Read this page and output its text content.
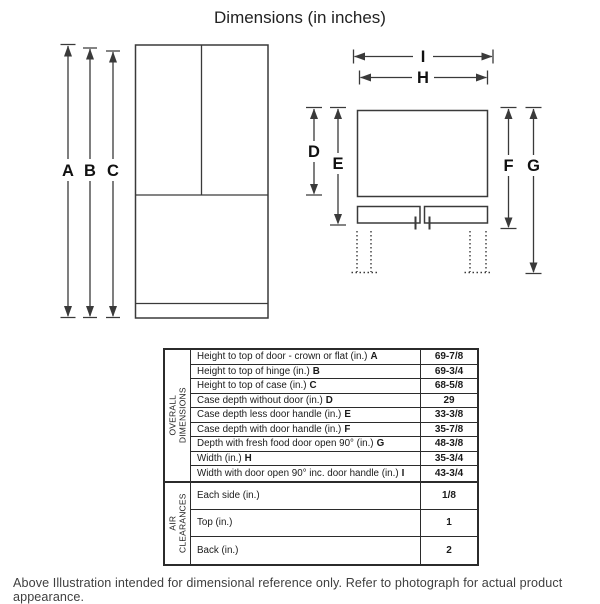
Dimensions (in inches)
A B C
D
E	F G
H
I
OVERALL DIMENSIONS
Height to top of door - crown or flat (in.) A	69-7/8
Height to top of hinge (in.) B	69-3/4
Height to top of case (in.) C	68-5/8
Case depth without door (in.) D	29
Case depth less door handle (in.) E	33-3/8
Case depth with door handle (in.) F	35-7/8
Depth with fresh food door open 90° (in.) G	48-3/8
Width (in.) H	35-3/4
Width with door open 90° inc. door handle (in.) I	43-3/4
AIR CLEARANCES Each side (in.)	1/8
Top (in.)	1
Back (in.)	2
Above Illustration intended for dimensional reference only. Refer to photograph for actual product appearance.
